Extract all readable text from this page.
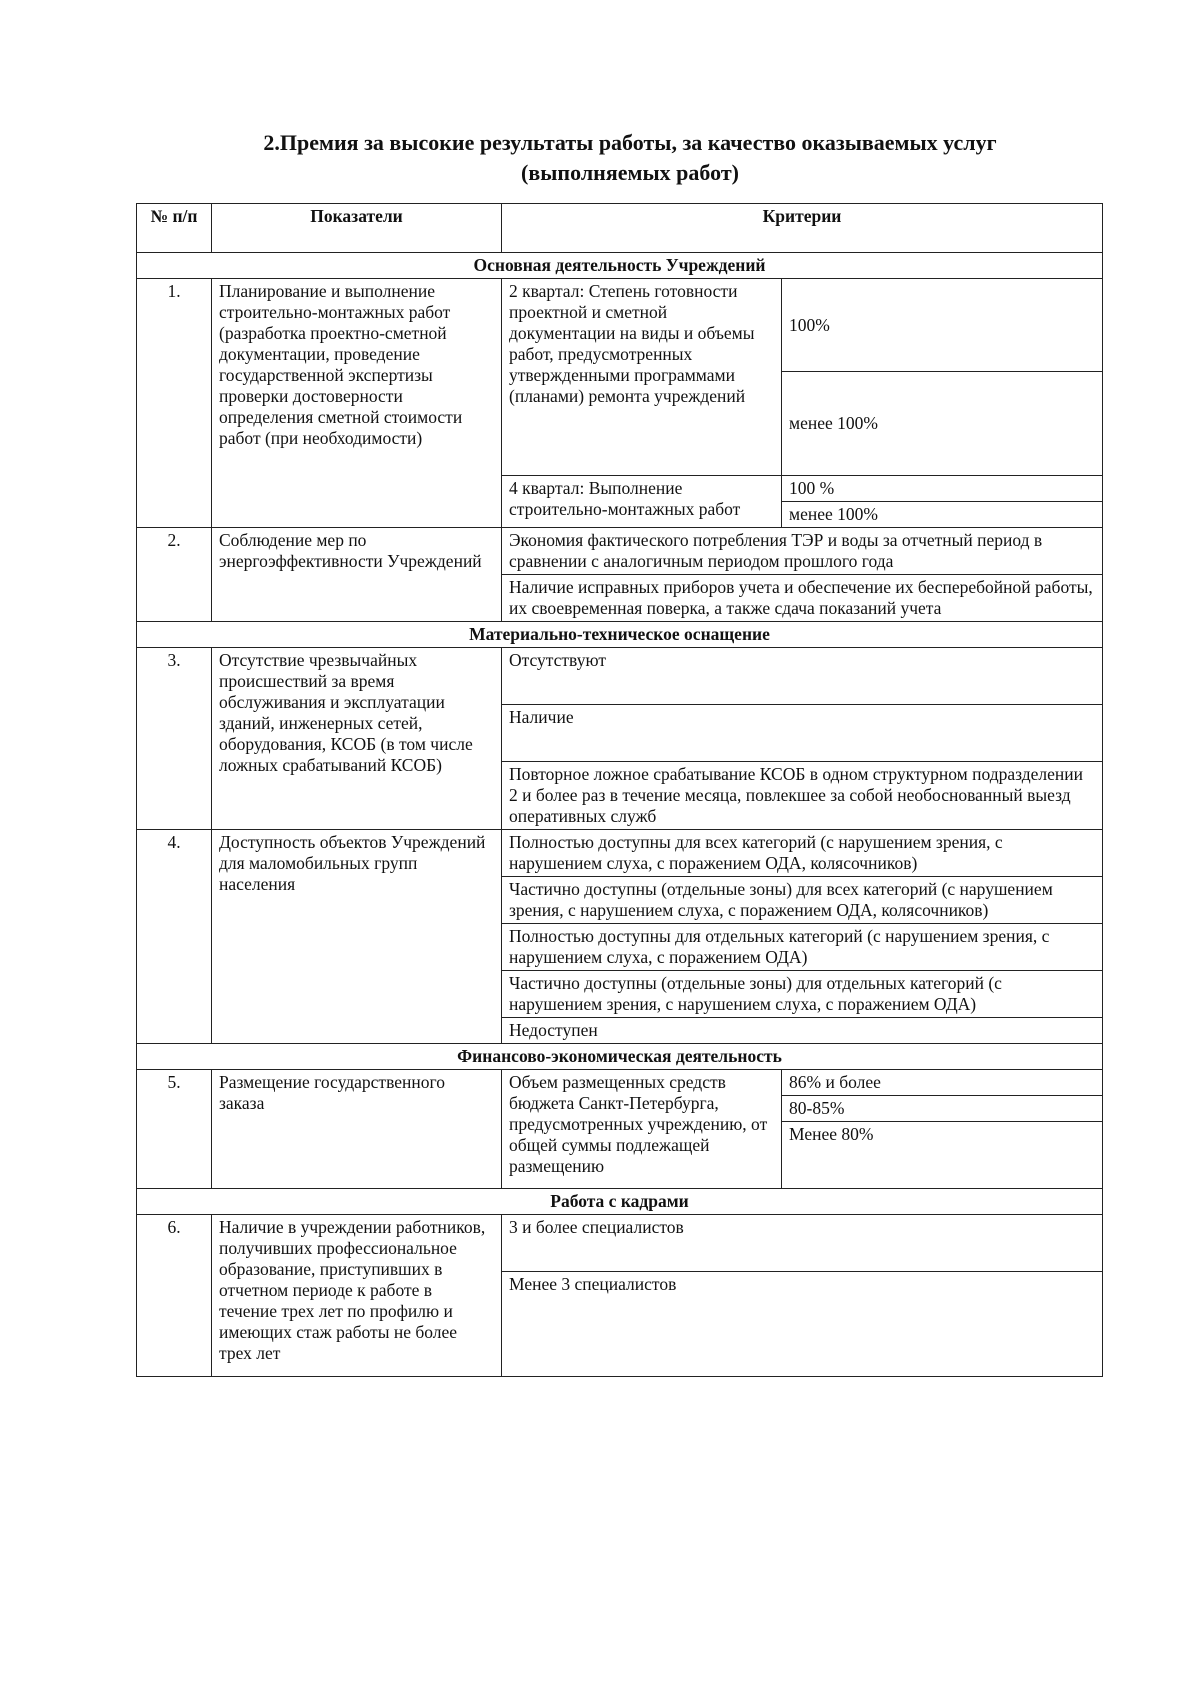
2.Премия за высокие результаты работы, за качество оказываемых услуг
(выполняемых работ)
№ п/п	Показатели	Критерии	
Основная деятельность Учреждений			
1.	Планирование и выполнение строительно-монтажных работ (разработка проектно-сметной документации, проведение государственной экспертизы проверки достоверности определения сметной стоимости работ (при необходимости)	2 квартал: Степень готовности проектной и сметной документации на виды и объемы работ, предусмотренных утвержденными программами (планами) ремонта учреждений	100%
			менее 100%
		4 квартал: Выполнение строительно-монтажных работ	100 %
			менее 100%
2.	Соблюдение мер по энергоэффективности Учреждений	Экономия фактического потребления ТЭР и воды за отчетный период в сравнении с аналогичным периодом прошлого года	
		Наличие исправных приборов учета и обеспечение их бесперебойной работы, их своевременная поверка, а также сдача показаний учета	
Материально-техническое оснащение			
3.	Отсутствие чрезвычайных происшествий за время обслуживания и эксплуатации зданий, инженерных сетей, оборудования, КСОБ (в том числе ложных срабатываний КСОБ)	Отсутствуют	
		Наличие	
		Повторное ложное срабатывание КСОБ в одном структурном подразделении 2 и более раз в течение месяца, повлекшее за собой необоснованный выезд оперативных служб	
4.	Доступность объектов Учреждений для маломобильных групп населения	Полностью доступны для всех категорий (с нарушением зрения, с нарушением слуха, с поражением ОДА, колясочников)	
		Частично доступны (отдельные зоны) для всех категорий (с нарушением зрения, с нарушением слуха, с поражением ОДА, колясочников)	
		Полностью доступны для отдельных категорий (с нарушением зрения, с нарушением слуха, с поражением ОДА)	
		Частично доступны (отдельные зоны) для отдельных категорий (с нарушением зрения, с нарушением слуха, с поражением ОДА)	
		Недоступен	
Финансово-экономическая деятельность			
5.	Размещение государственного заказа	Объем размещенных средств бюджета Санкт-Петербурга, предусмотренных учреждению, от общей суммы подлежащей размещению	86% и более
			80-85%
			Менее 80%
Работа с кадрами			
6.	Наличие в учреждении работников, получивших профессиональное образование, приступивших в отчетном периоде к работе в течение трех лет по профилю и имеющих стаж работы не более трех лет	3 и более специалистов	
		Менее 3 специалистов	
